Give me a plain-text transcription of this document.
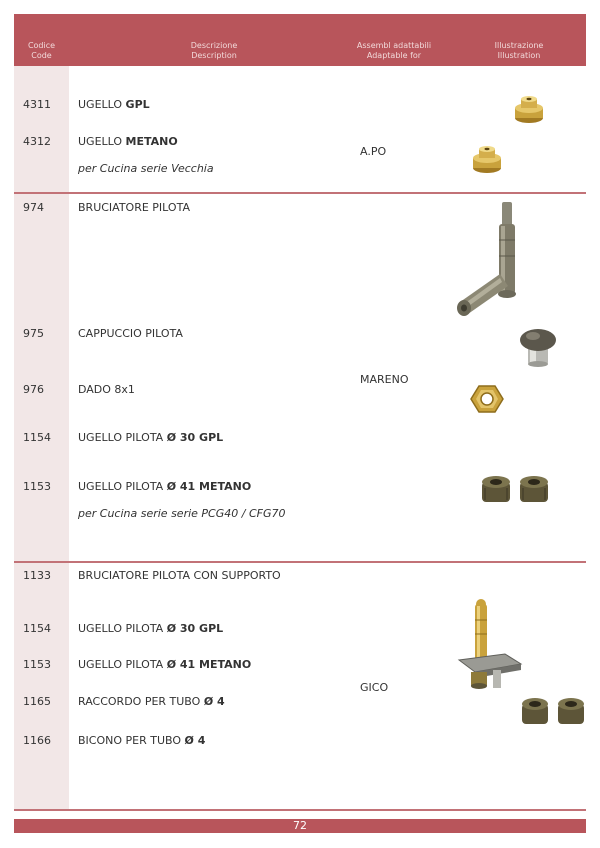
Codice
Code
Descrizione
Description
Assembl adattabili
Adaptable for
Illustrazione
Illustration
4311 UGELLO GPL
4312 UGELLO METANO
per Cucina serie Vecchia
A.PO
974	BRUCIATORE PILOTA
975	CAPPUCCIO PILOTA
976	DADO 8x1
1154 UGELLO PILOTA Ø 30 GPL
1153 UGELLO PILOTA Ø 41 METANO
per Cucina serie serie PCG40 / CFG70
MARENO
1133 BRUCIATORE PILOTA CON SUPPORTO
1154 UGELLO PILOTA Ø 30 GPL
1153 UGELLO PILOTA Ø 41 METANO
1165 RACCORDO PER TUBO Ø 4
1166 BICONO PER TUBO Ø 4
GICO
72
